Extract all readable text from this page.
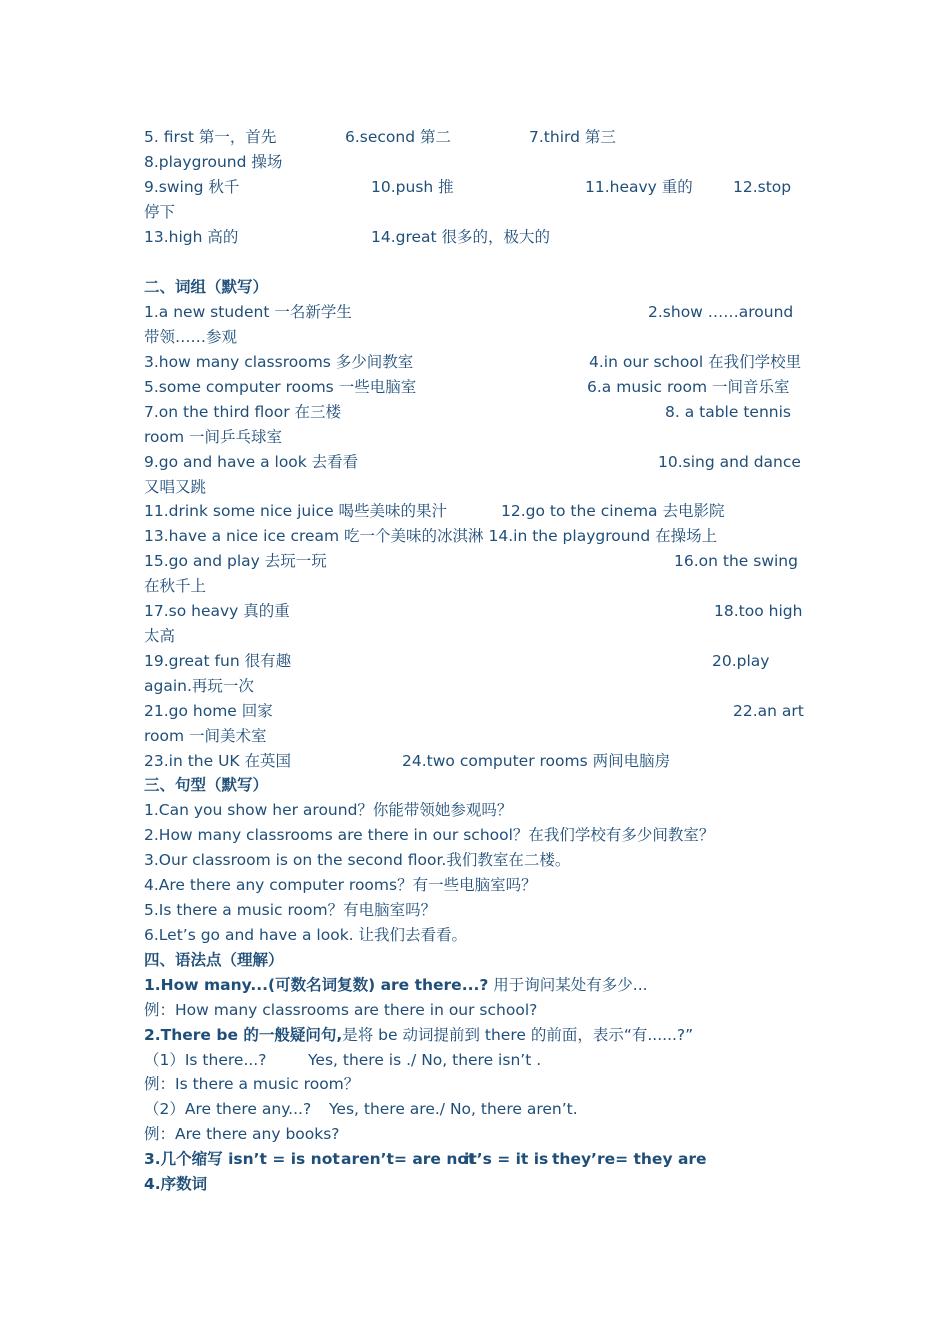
5. first 第一，首先	6.second 第二	7.third 第三
8.playground 操场
9.swing 秋千	10.push 推	11.heavy 重的	12.stop
停下
13.high 高的	14.great 很多的，极大的
二、词组（默写）
1.a new student 一名新学生	2.show ……around
带领……参观
3.how many classrooms 多少间教室	4.in our school 在我们学校里
5.some computer rooms 一些电脑室	6.a music room 一间音乐室
7.on the third floor 在三楼	8. a table tennis
room 一间乒乓球室
9.go and have a look 去看看	10.sing and dance
又唱又跳
11.drink some nice juice 喝些美味的果汁	12.go to the cinema 去电影院
13.have a nice ice cream 吃一个美味的冰淇淋 14.in the playground 在操场上
15.go and play 去玩一玩	16.on the swing
在秋千上
17.so heavy 真的重	18.too high
太高
19.great fun 很有趣	20.play
again.再玩一次
21.go home 回家	22.an art
room 一间美术室
23.in the UK 在英国	24.two computer rooms 两间电脑房
三、句型（默写）
1.Can you show her around？你能带领她参观吗？
2.How many classrooms are there in our school？在我们学校有多少间教室？
3.Our classroom is on the second floor.我们教室在二楼。
4.Are there any computer rooms？有一些电脑室吗？
5.Is there a music room？有电脑室吗？
6.Let’s go and have a look. 让我们去看看。
四、语法点（理解）
1.How many...(可数名词复数) are there...? 用于询问某处有多少...
例：How many classrooms are there in our school?
2.There be 的一般疑问句,是将 be 动词提前到 there 的前面，表示“有......?”
（1）Is there...?	Yes, there is ./ No, there isn’t .
例：Is there a music room？
（2）Are there any...? Yes, there are./ No, there aren’t.
例：Are there any books?
3.几个缩写 isn’t = is not aren’t= are not
it’s = it is they’re= they are
4.序数词
